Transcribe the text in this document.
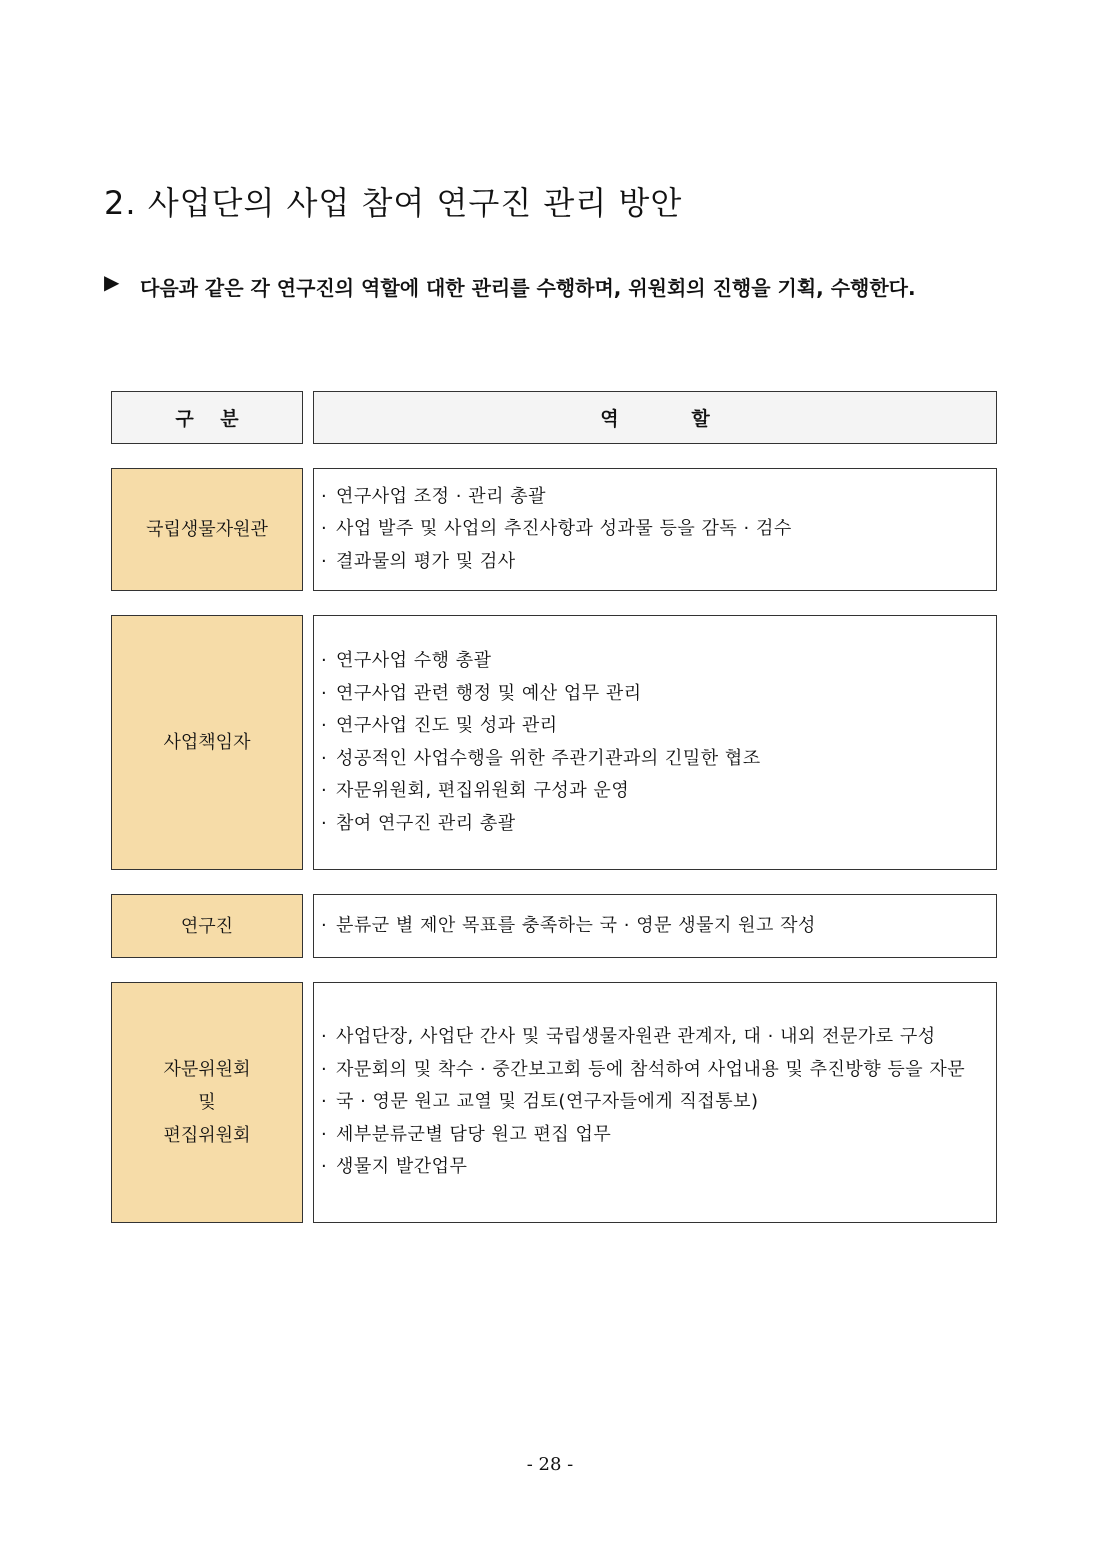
2. 사업단의 사업 참여 연구진 관리 방안
▶ 다음과 같은 각 연구진의 역할에 대한 관리를 수행하며, 위원회의 진행을 기획, 수행한다.

구    분	역           할
국립생물자원관
· 연구사업 조정 · 관리 총괄
· 사업 발주 및 사업의 추진사항과 성과물 등을 감독 · 검수
· 결과물의 평가 및 검사
사업책임자
· 연구사업 수행 총괄
· 연구사업 관련 행정 및 예산 업무 관리
· 연구사업 진도 및 성과 관리
· 성공적인 사업수행을 위한 주관기관과의 긴밀한 협조
· 자문위원회, 편집위원회 구성과 운영
· 참여 연구진 관리 총괄
연구진
·	분류군 별 제안 목표를 충족하는 국 · 영문 생물지 원고 작성
자문위원회
및
편집위원회
· 사업단장, 사업단 간사 및 국립생물자원관 관계자, 대 · 내외 전문가로 구성
· 자문회의 및 착수 · 중간보고회 등에 참석하여 사업내용 및 추진방향 등을 자문
· 국 · 영문 원고 교열 및 검토(연구자들에게 직접통보)
· 세부분류군별 담당 원고 편집 업무
· 생물지 발간업무
- 28 -
